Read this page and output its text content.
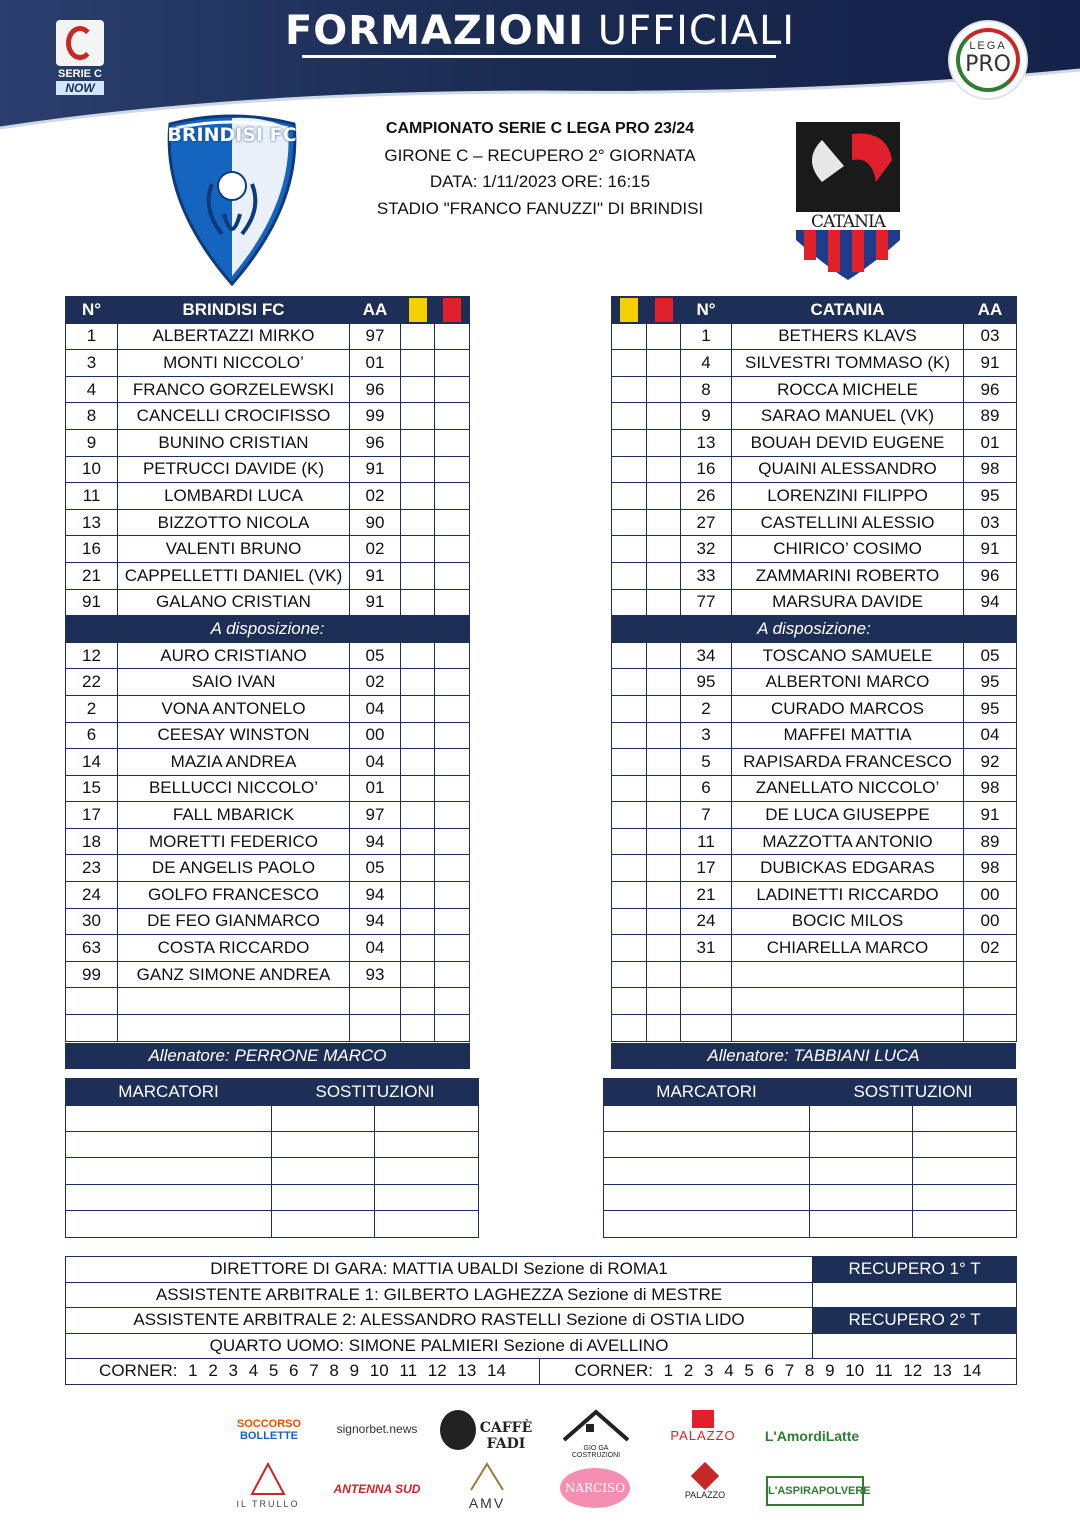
FORMAZIONI UFFICIALI
SERIE C
NOW
LEGA
PRO
CAMPIONATO SERIE C LEGA PRO 23/24
GIRONE C – RECUPERO 2° GIORNATA
DATA: 1/11/2023 ORE: 16:15
STADIO "FRANCO FANUZZI" DI BRINDISI
BRINDISI FC
CATANIA
N°	BRINDISI FC	AA	

1	ALBERTAZZI MIRKO	97		
3	MONTI NICCOLO’	01		
4	FRANCO GORZELEWSKI	96		
8	CANCELLI CROCIFISSO	99		
9	BUNINO CRISTIAN	96		
10	PETRUCCI DAVIDE (K)	91		
11	LOMBARDI LUCA	02		
13	BIZZOTTO NICOLA	90		
16	VALENTI BRUNO	02		
21	CAPPELLETTI DANIEL (VK)	91		
91	GALANO CRISTIAN	91		
A disposizione:				
12	AURO CRISTIANO	05		
22	SAIO IVAN	02		
2	VONA ANTONELO	04		
6	CEESAY WINSTON	00		
14	MAZIA ANDREA	04		
15	BELLUCCI NICCOLO’	01		
17	FALL MBARICK	97		
18	MORETTI FEDERICO	94		
23	DE ANGELIS PAOLO	05		
24	GOLFO FRANCESCO	94		
30	DE FEO GIANMARCO	94		
63	COSTA RICCARDO	04		
99	GANZ SIMONE ANDREA	93		

Allenatore: PERRONE MARCO

	N°	CATANIA	AA
		1	BETHERS KLAVS	03
		4	SILVESTRI TOMMASO (K)	91
		8	ROCCA MICHELE	96
		9	SARAO MANUEL (VK)	89
		13	BOUAH DEVID EUGENE	01
		16	QUAINI ALESSANDRO	98
		26	LORENZINI FILIPPO	95
		27	CASTELLINI ALESSIO	03
		32	CHIRICO’ COSIMO	91
		33	ZAMMARINI ROBERTO	96
		77	MARSURA DAVIDE	94
A disposizione:				
		34	TOSCANO SAMUELE	05
		95	ALBERTONI MARCO	95
		2	CURADO MARCOS	95
		3	MAFFEI MATTIA	04
		5	RAPISARDA FRANCESCO	92
		6	ZANELLATO NICCOLO’	98
		7	DE LUCA GIUSEPPE	91
		11	MAZZOTTA ANTONIO	89
		17	DUBICKAS EDGARAS	98
		21	LADINETTI RICCARDO	00
		24	BOCIC MILOS	00
		31	CHIARELLA MARCO	02

Allenatore: TABBIANI LUCA
MARCATORI	SOSTITUZIONI	

			MARCATORI	SOSTITUZIONI	

DIRETTORE DI GARA: MATTIA UBALDI Sezione di ROMA1		RECUPERO 1° T
ASSISTENTE ARBITRALE 1: GILBERTO LAGHEZZA Sezione di MESTRE		
ASSISTENTE ARBITRALE 2: ALESSANDRO RASTELLI Sezione di OSTIA LIDO		RECUPERO 2° T
QUARTO UOMO: SIMONE PALMIERI Sezione di AVELLINO		
CORNER: 1 2 3 4 5 6 7 8 9 10 11 12 13 14	CORNER: 1 2 3 4 5 6 7 8 9 10 11 12 13 14	
SOCCORSO
BOLLETTE	signorbet.news	CAFFÈ FADI	GIO GA COSTRUZIONI
PALAZZO	L'AmordiLatte
IL TRULLO
ANTENNA SUD
AMV
NARCISO	PALAZZO	L'ASPIRAPOLVERE
